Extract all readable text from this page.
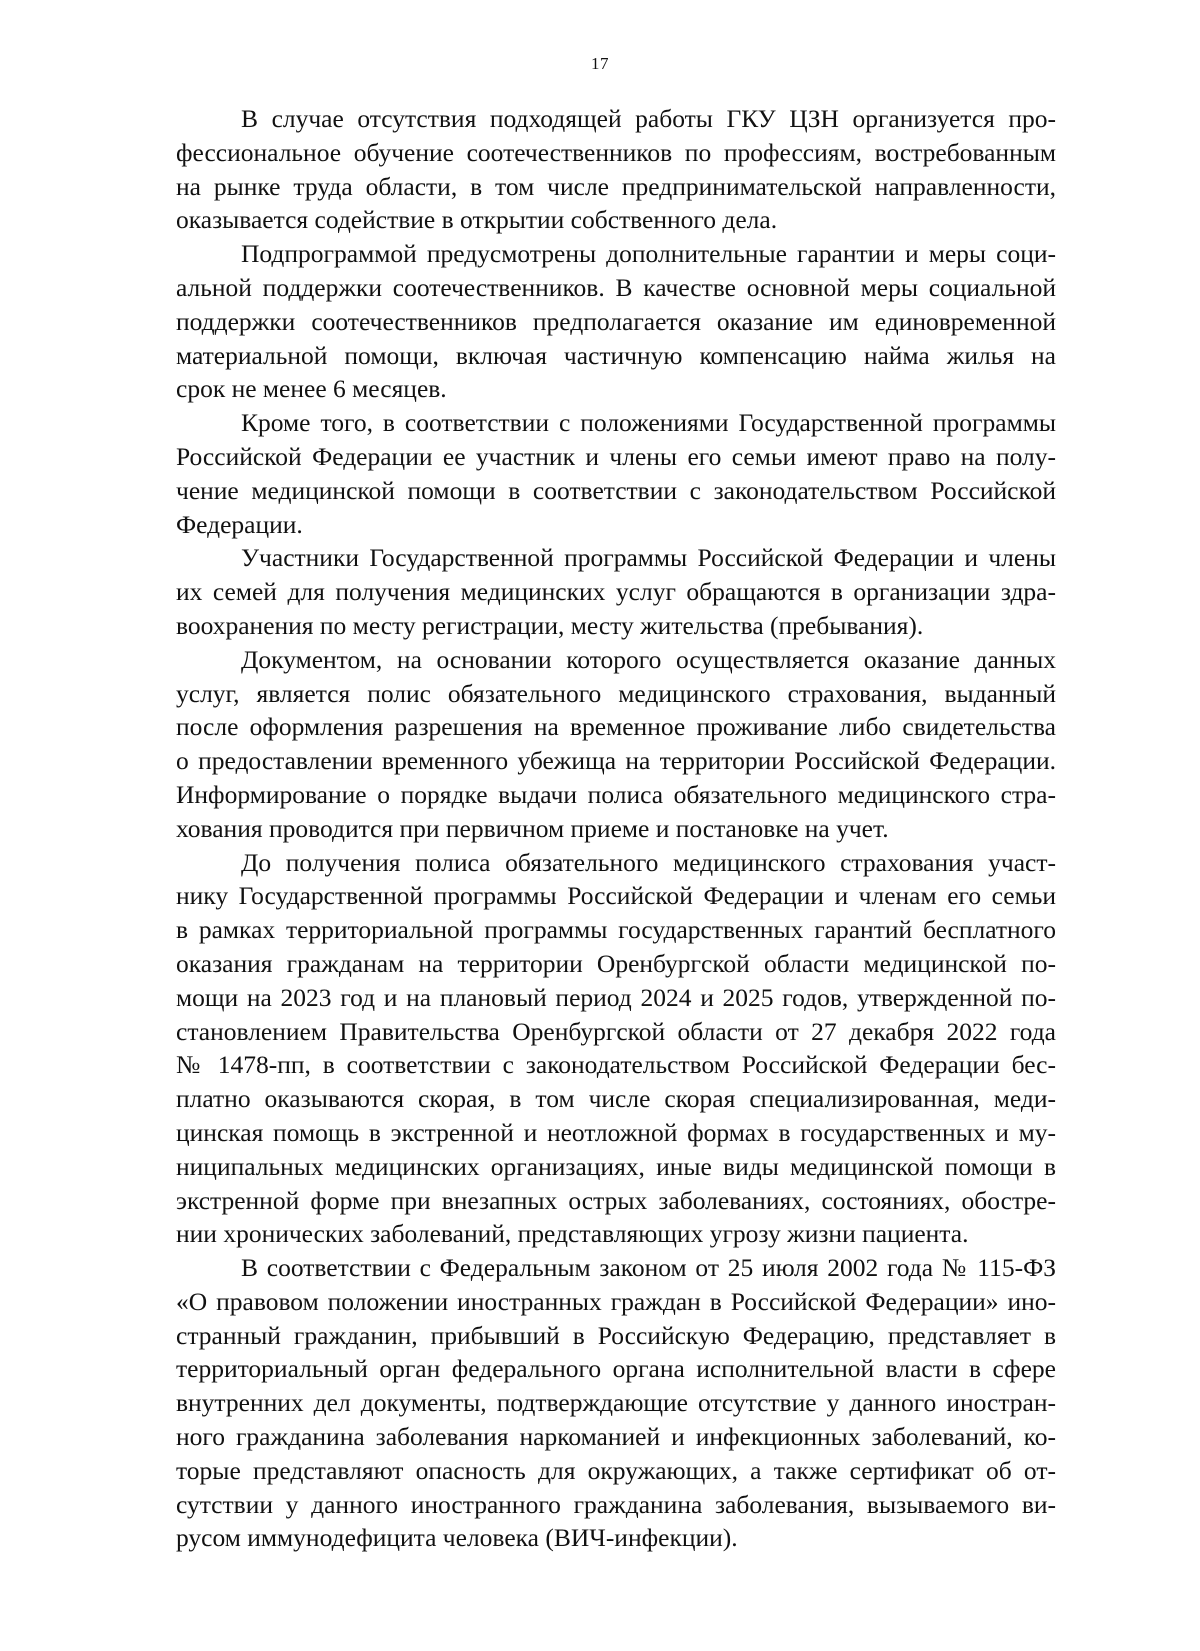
17

В случае отсутствия подходящей работы ГКУ ЦЗН организуется про-
фессиональное обучение соотечественников по профессиям, востребованным
на рынке труда области, в том числе предпринимательской направленности,
оказывается содействие в открытии собственного дела.

Подпрограммой предусмотрены дополнительные гарантии и меры соци-
альной поддержки соотечественников. В качестве основной меры социальной
поддержки соотечественников предполагается оказание им единовременной
материальной помощи, включая частичную компенсацию найма жилья на
срок не менее 6 месяцев.

Кроме того, в соответствии с положениями Государственной программы
Российской Федерации ее участник и члены его семьи имеют право на полу-
чение медицинской помощи в соответствии с законодательством Российской
Федерации.

Участники Государственной программы Российской Федерации и члены
их семей для получения медицинских услуг обращаются в организации здра-
воохранения по месту регистрации, месту жительства (пребывания).

Документом, на основании которого осуществляется оказание данных
услуг, является полис обязательного медицинского страхования, выданный
после оформления разрешения на временное проживание либо свидетельства
о предоставлении временного убежища на территории Российской Федерации.
Информирование о порядке выдачи полиса обязательного медицинского стра-
хования проводится при первичном приеме и постановке на учет.

До получения полиса обязательного медицинского страхования участ-
нику Государственной программы Российской Федерации и членам его семьи
в рамках территориальной программы государственных гарантий бесплатного
оказания гражданам на территории Оренбургской области медицинской по-
мощи на 2023 год и на плановый период 2024 и 2025 годов, утвержденной по-
становлением Правительства Оренбургской области от 27 декабря 2022 года
№ 1478-пп, в соответствии с законодательством Российской Федерации бес-
платно оказываются скорая, в том числе скорая специализированная, меди-
цинская помощь в экстренной и неотложной формах в государственных и му-
ниципальных медицинских организациях, иные виды медицинской помощи в
экстренной форме при внезапных острых заболеваниях, состояниях, обостре-
нии хронических заболеваний, представляющих угрозу жизни пациента.

В соответствии с Федеральным законом от 25 июля 2002 года № 115-ФЗ
«О правовом положении иностранных граждан в Российской Федерации» ино-
странный гражданин, прибывший в Российскую Федерацию, представляет в
территориальный орган федерального органа исполнительной власти в сфере
внутренних дел документы, подтверждающие отсутствие у данного иностран-
ного гражданина заболевания наркоманией и инфекционных заболеваний, ко-
торые представляют опасность для окружающих, а также сертификат об от-
сутствии у данного иностранного гражданина заболевания, вызываемого ви-
русом иммунодефицита человека (ВИЧ-инфекции).
